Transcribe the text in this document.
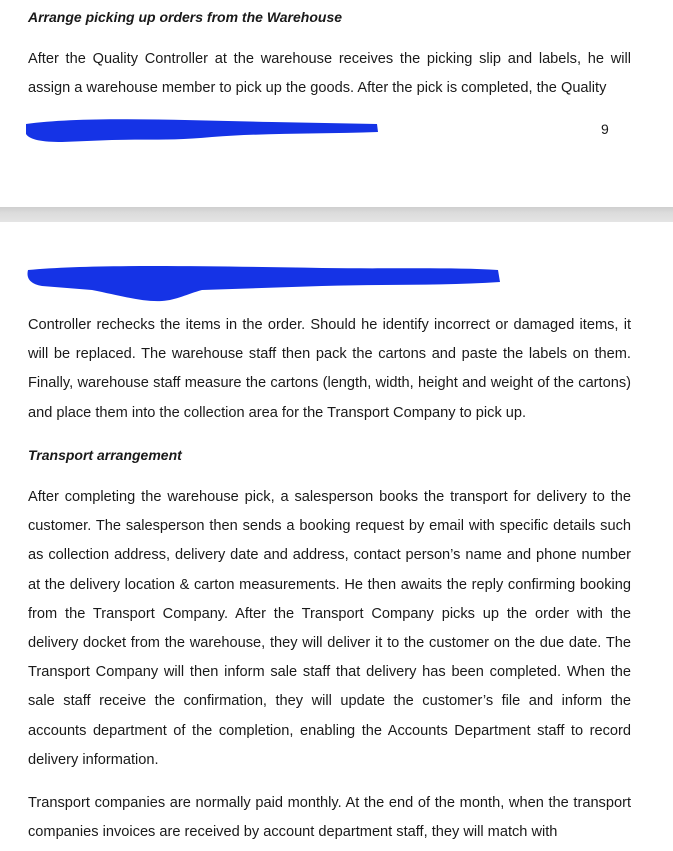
Arrange picking up orders from the Warehouse

After the Quality Controller at the warehouse receives the picking slip and labels, he will assign a warehouse member to pick up the goods. After the pick is completed, the Quality

9

Controller rechecks the items in the order. Should he identify incorrect or damaged items, it will be replaced. The warehouse staff then pack the cartons and paste the labels on them. Finally, warehouse staff measure the cartons (length, width, height and weight of the cartons) and place them into the collection area for the Transport Company to pick up.

Transport arrangement

After completing the warehouse pick, a salesperson books the transport for delivery to the customer. The salesperson then sends a booking request by email with specific details such as collection address, delivery date and address, contact person’s name and phone number at the delivery location & carton measurements. He then awaits the reply confirming booking from the Transport Company. After the Transport Company picks up the order with the delivery docket from the warehouse, they will deliver it to the customer on the due date. The Transport Company will then inform sale staff that delivery has been completed. When the sale staff receive the confirmation, they will update the customer’s file and inform the accounts department of the completion, enabling the Accounts Department staff to record delivery information.

Transport companies are normally paid monthly. At the end of the month, when the transport companies invoices are received by account department staff, they will match with
